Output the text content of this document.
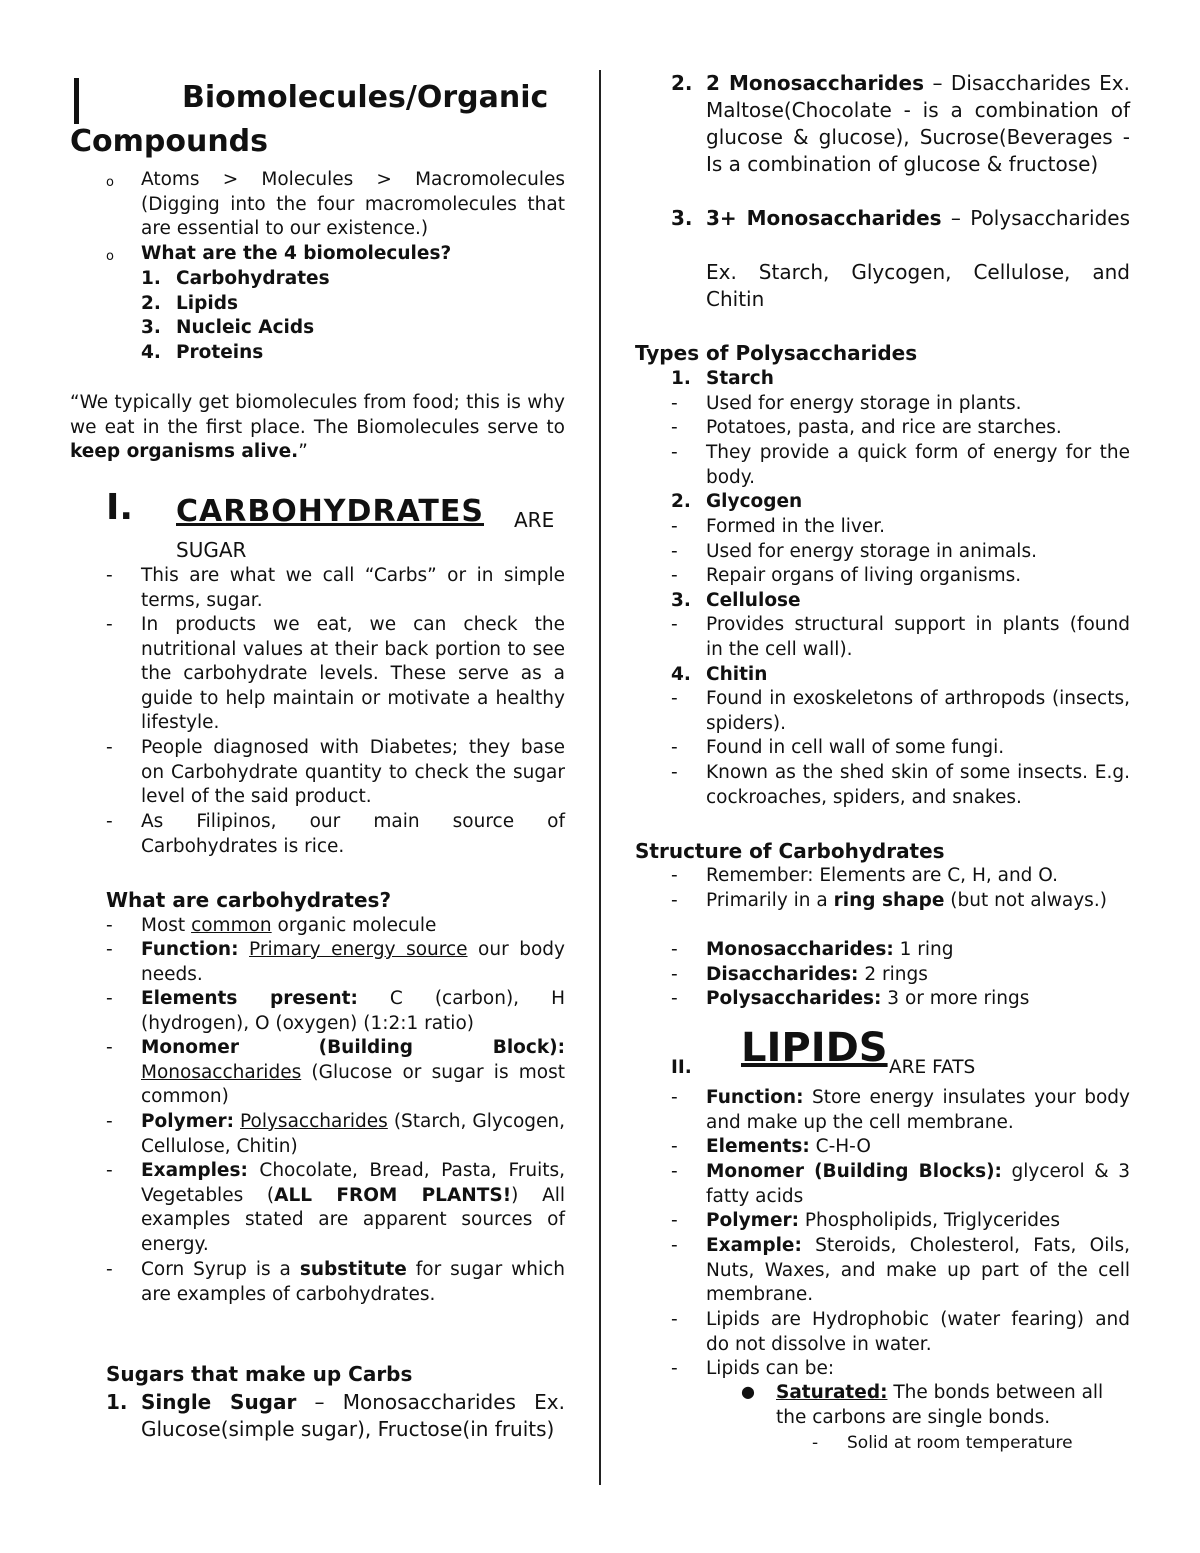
Biomolecules/Organic
Compounds
o Atoms > Molecules > Macromolecules (Digging into the four macromolecules that are essential to our existence.)
o What are the 4 biomolecules?
1. Carbohydrates
2. Lipids
3. Nucleic Acids
4. Proteins
“We typically get biomolecules from food; this is why we eat in the first place. The Biomolecules serve to keep organisms alive.”
I. CARBOHYDRATES ARE
SUGAR
- This are what we call “Carbs” or in simple terms, sugar.
- In products we eat, we can check the nutritional values at their back portion to see the carbohydrate levels. These serve as a guide to help maintain or motivate a healthy lifestyle.
- People diagnosed with Diabetes; they base on Carbohydrate quantity to check the sugar level of the said product.
- As Filipinos, our main source of Carbohydrates is rice.
What are carbohydrates?
- Most common organic molecule
- Function: Primary energy source our body needs.
- Elements present: C (carbon), H (hydrogen), O (oxygen) (1:2:1 ratio)
- Monomer (Building Block): Monosaccharides (Glucose or sugar is most common)
- Polymer: Polysaccharides (Starch, Glycogen, Cellulose, Chitin)
- Examples: Chocolate, Bread, Pasta, Fruits, Vegetables (ALL FROM PLANTS!) All examples stated are apparent sources of energy.
- Corn Syrup is a substitute for sugar which are examples of carbohydrates.
Sugars that make up Carbs
1. Single Sugar – Monosaccharides Ex. Glucose(simple sugar), Fructose(in fruits)
2. 2 Monosaccharides – Disaccharides Ex. Maltose(Chocolate - is a combination of glucose & glucose), Sucrose(Beverages - Is a combination of glucose & fructose)
3. 3+ Monosaccharides – Polysaccharides
Ex. Starch, Glycogen, Cellulose, and Chitin
Types of Polysaccharides
1. Starch
- Used for energy storage in plants.
- Potatoes, pasta, and rice are starches.
- They provide a quick form of energy for the body.
2. Glycogen
- Formed in the liver.
- Used for energy storage in animals.
- Repair organs of living organisms.
3. Cellulose
- Provides structural support in plants (found in the cell wall).
4. Chitin
- Found in exoskeletons of arthropods (insects, spiders).
- Found in cell wall of some fungi.
- Known as the shed skin of some insects. E.g. cockroaches, spiders, and snakes.
Structure of Carbohydrates
- Remember: Elements are C, H, and O.
- Primarily in a ring shape (but not always.)
- Monosaccharides: 1 ring
- Disaccharides: 2 rings
- Polysaccharides: 3 or more rings
II. LIPIDS ARE FATS
- Function: Store energy insulates your body and make up the cell membrane.
- Elements: C-H-O
- Monomer (Building Blocks): glycerol & 3 fatty acids
- Polymer: Phospholipids, Triglycerides
- Example: Steroids, Cholesterol, Fats, Oils, Nuts, Waxes, and make up part of the cell membrane.
- Lipids are Hydrophobic (water fearing) and do not dissolve in water.
- Lipids can be:
● Saturated: The bonds between all the carbons are single bonds.
- Solid at room temperature
